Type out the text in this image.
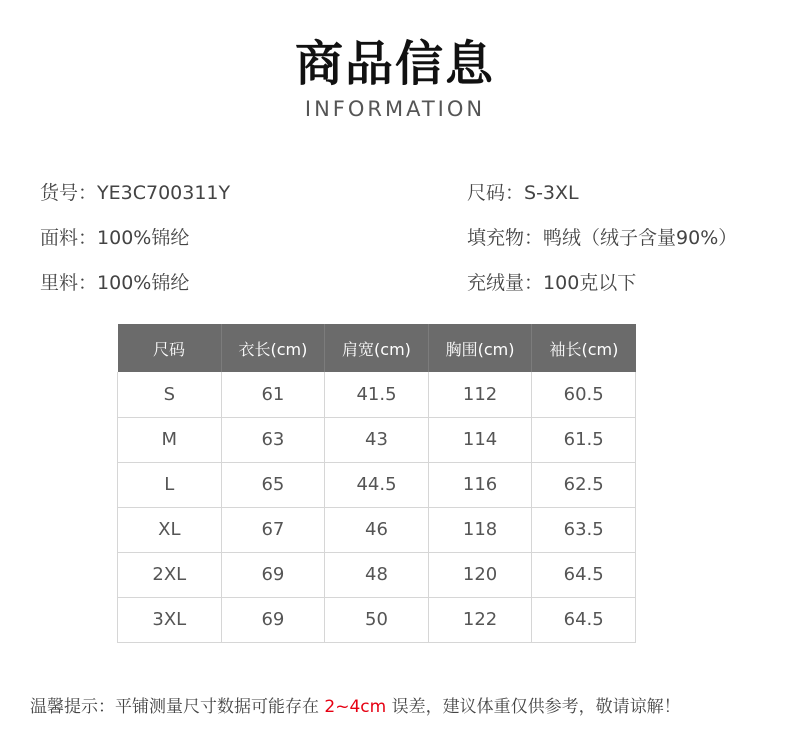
商品信息
INFORMATION
货号：YE3C700311Y	尺码：S-3XL
面料：100%锦纶	填充物：鸭绒（绒子含量90%）
里料：100%锦纶	充绒量：100克以下
尺码	衣长(cm)	肩宽(cm)	胸围(cm)	袖长(cm)
S	61	41.5	112	60.5
M	63	43	114	61.5
L	65	44.5	116	62.5
XL	67	46	118	63.5
2XL	69	48	120	64.5
3XL	69	50	122	64.5
温馨提示：平铺测量尺寸数据可能存在 2~4cm 误差，建议体重仅供参考，敬请谅解！
